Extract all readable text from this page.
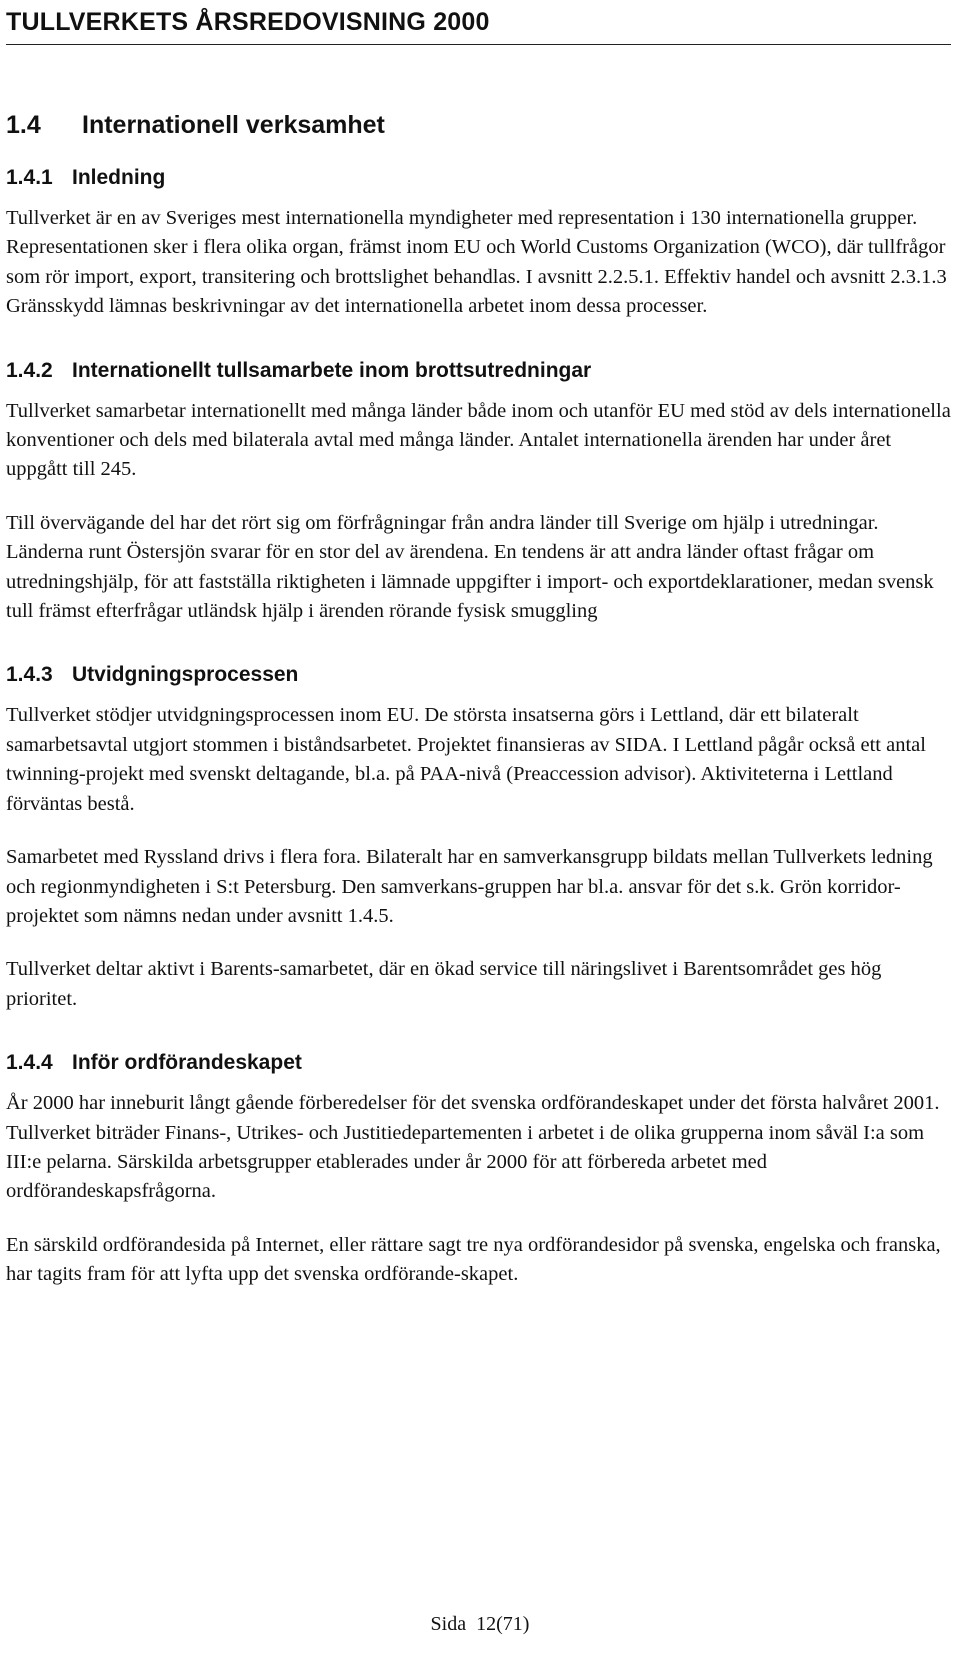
TULLVERKETS ÅRSREDOVISNING 2000
1.4 Internationell verksamhet
1.4.1 Inledning

Tullverket är en av Sveriges mest internationella myndigheter med representation i 130 internationella grupper. Representationen sker i flera olika organ, främst inom EU och World Customs Organization (WCO), där tullfrågor som rör import, export, transitering och brottslighet behandlas. I avsnitt 2.2.5.1. Effektiv handel och avsnitt 2.3.1.3 Gränsskydd lämnas beskrivningar av det internationella arbetet inom dessa processer.

1.4.2 Internationellt tullsamarbete inom brottsutredningar

Tullverket samarbetar internationellt med många länder både inom och utanför EU med stöd av dels internationella konventioner och dels med bilaterala avtal med många länder. Antalet internationella ärenden har under året uppgått till 245.

Till övervägande del har det rört sig om förfrågningar från andra länder till Sverige om hjälp i utredningar. Länderna runt Östersjön svarar för en stor del av ärendena. En tendens är att andra länder oftast frågar om utredningshjälp, för att fastställa riktigheten i lämnade uppgifter i import- och exportdeklarationer, medan svensk tull främst efterfrågar utländsk hjälp i ärenden rörande fysisk smuggling

1.4.3 Utvidgningsprocessen

Tullverket stödjer utvidgningsprocessen inom EU. De största insatserna görs i Lettland, där ett bilateralt samarbetsavtal utgjort stommen i biståndsarbetet. Projektet finansieras av SIDA. I Lettland pågår också ett antal twinning-projekt med svenskt deltagande, bl.a. på PAA-nivå (Preaccession advisor). Aktiviteterna i Lettland förväntas bestå.

Samarbetet med Ryssland drivs i flera fora. Bilateralt har en samverkansgrupp bildats mellan Tullverkets ledning och regionmyndigheten i S:t Petersburg. Den samverkans-gruppen har bl.a. ansvar för det s.k. Grön korridor-projektet som nämns nedan under avsnitt 1.4.5.

Tullverket deltar aktivt i Barents-samarbetet, där en ökad service till näringslivet i Barentsområdet ges hög prioritet.

1.4.4 Inför ordförandeskapet

År 2000 har inneburit långt gående förberedelser för det svenska ordförandeskapet under det första halvåret 2001. Tullverket biträder Finans-, Utrikes- och Justitiedepartementen i arbetet i de olika grupperna inom såväl I:a som III:e pelarna. Särskilda arbetsgrupper etablerades under år 2000 för att förbereda arbetet med ordförandeskapsfrågorna.

En särskild ordförandesida på Internet, eller rättare sagt tre nya ordförandesidor på svenska, engelska och franska, har tagits fram för att lyfta upp det svenska ordförande-skapet.

Sida 12(71)
